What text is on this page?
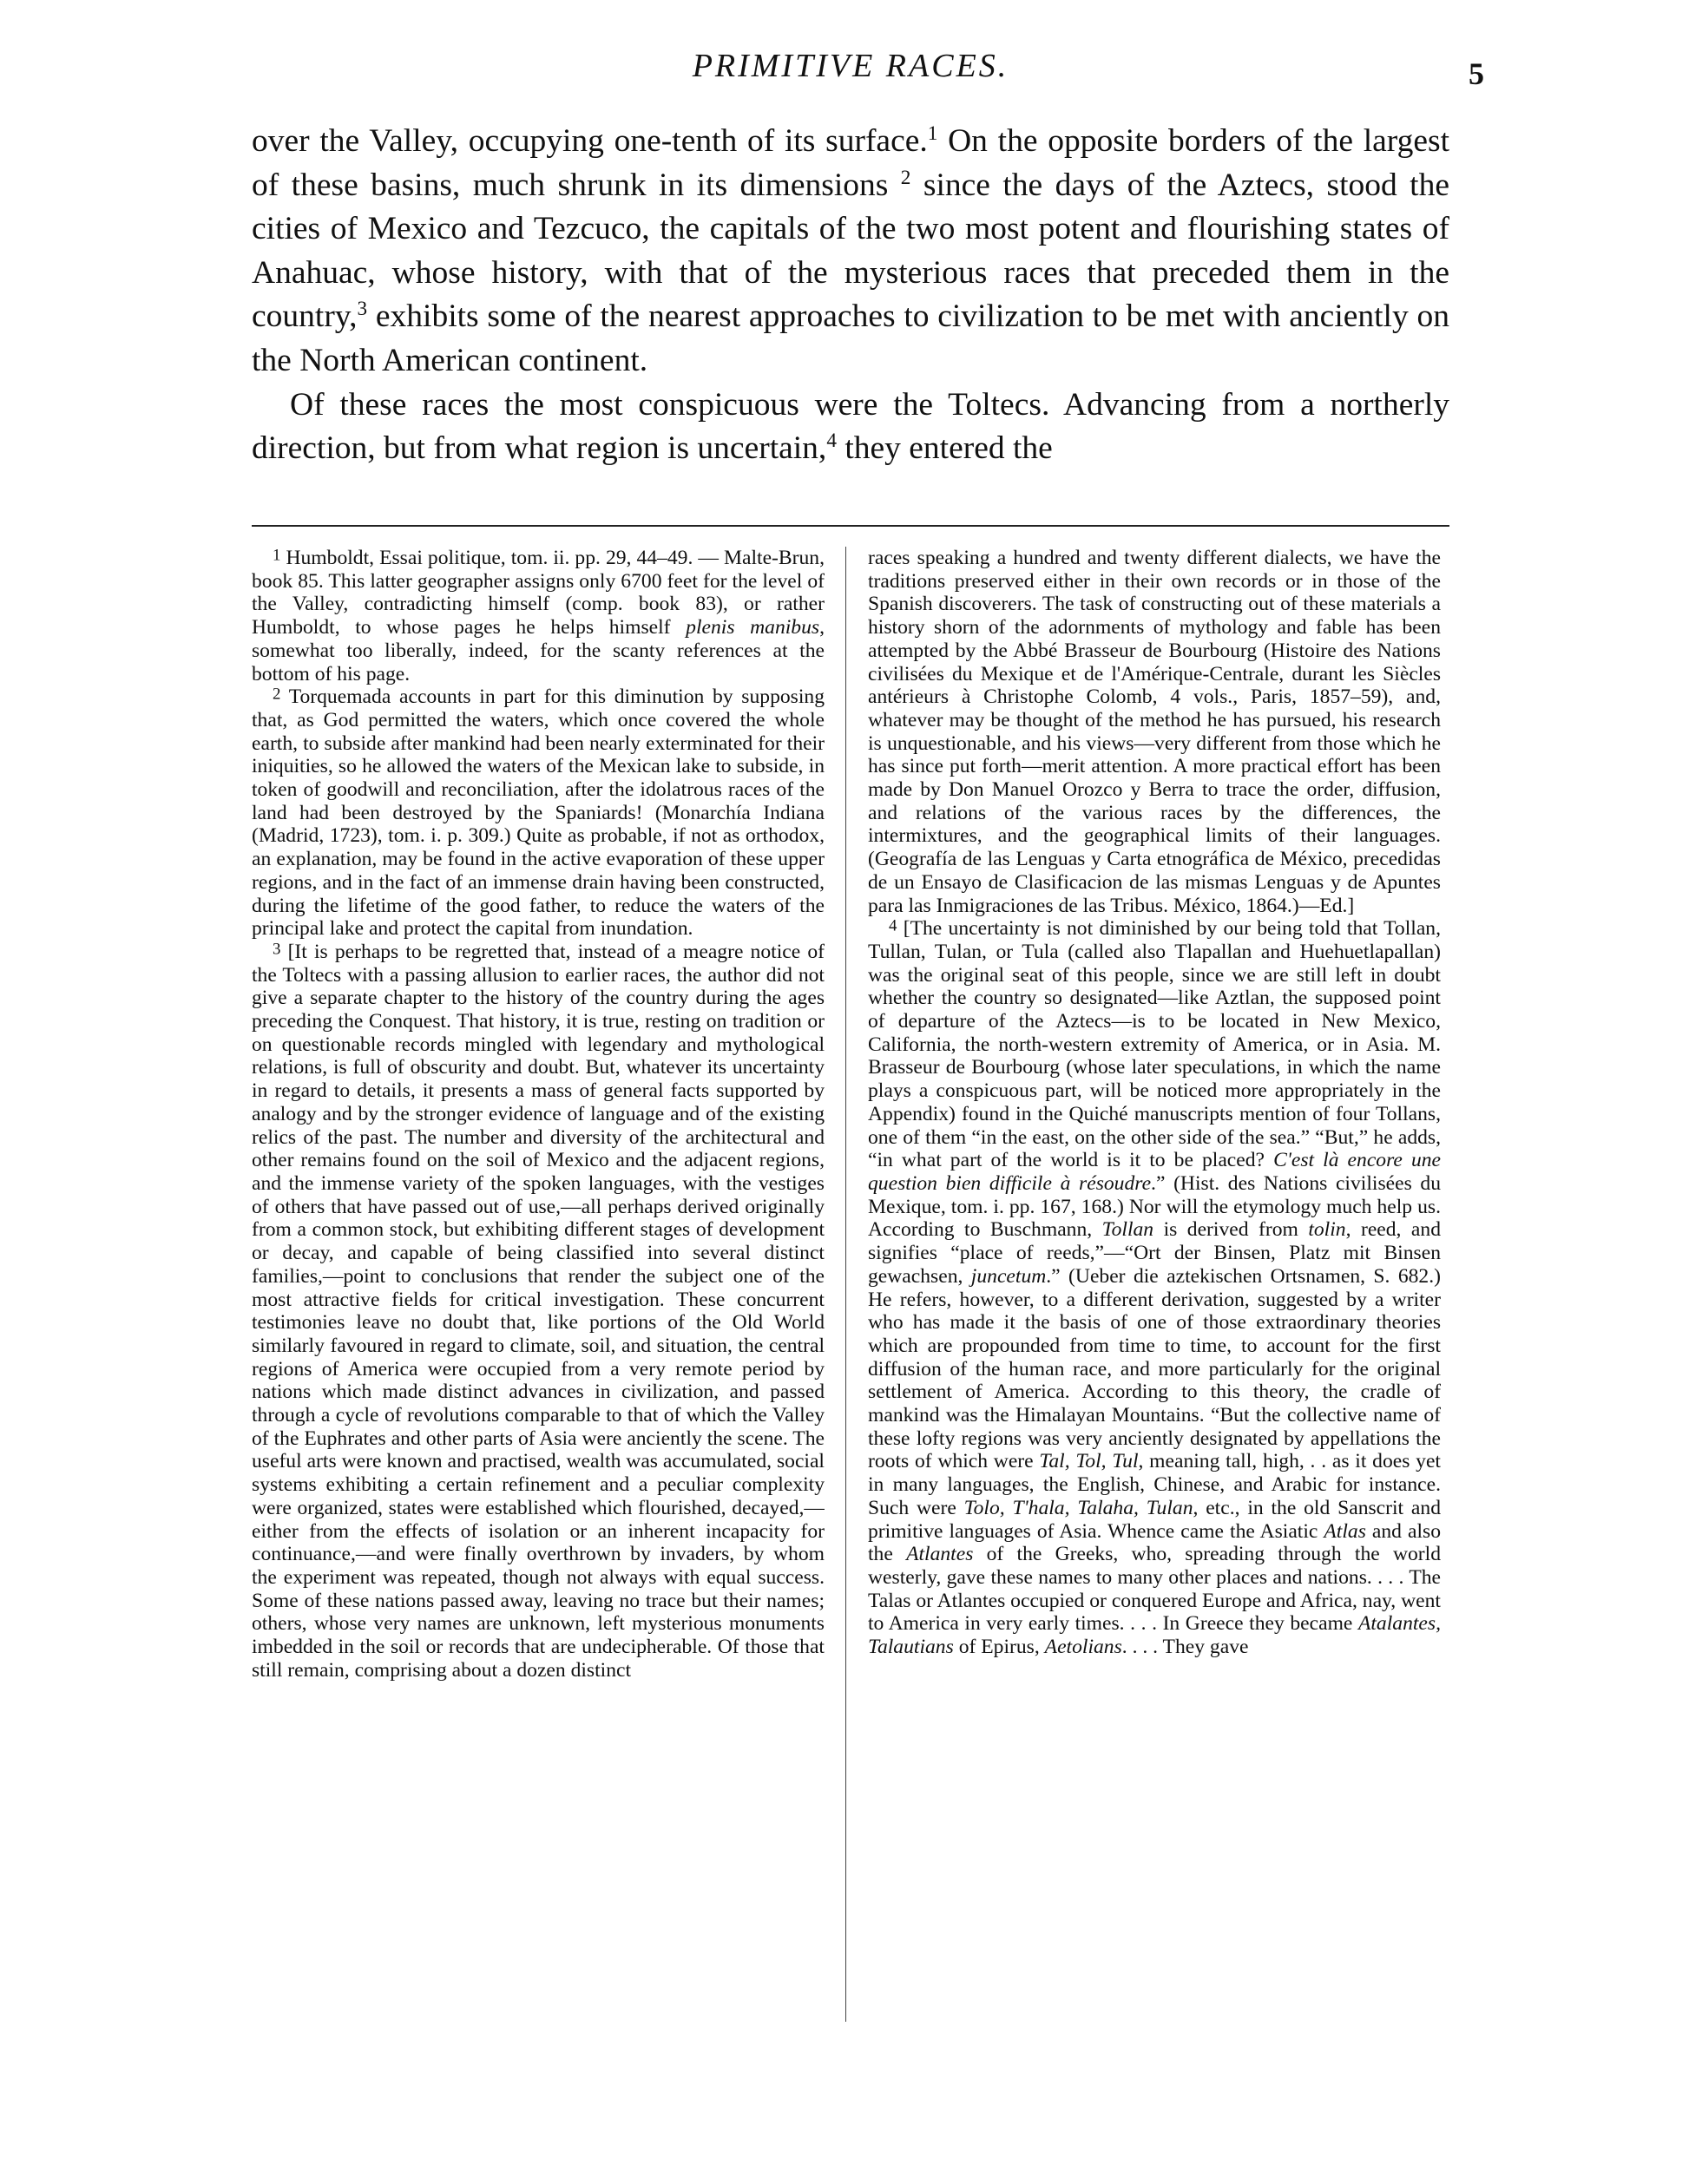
PRIMITIVE RACES.	5

over the Valley, occupying one-tenth of its surface.$^1$ On the opposite borders of the largest of these basins, much shrunk in its dimensions $^2$ since the days of the Aztecs, stood the cities of Mexico and Tezcuco, the capitals of the two most potent and flourishing states of Anahuac, whose history, with that of the mysterious races that preceded them in the country,$^3$ exhibits some of the nearest approaches to civilization to be met with anciently on the North American continent.

Of these races the most conspicuous were the Toltecs. Advancing from a northerly direction, but from what region is uncertain,$^4$ they entered the

1 Humboldt, Essai politique, tom. ii. pp. 29, 44–49. — Malte-Brun, book 85. This latter geographer assigns only 6700 feet for the level of the Valley, contradicting himself (comp. book 83), or rather Humboldt, to whose pages he helps himself plenis manibus, somewhat too liberally, indeed, for the scanty references at the bottom of his page.

2 Torquemada accounts in part for this diminution by supposing that, as God permitted the waters, which once covered the whole earth, to subside after mankind had been nearly exterminated for their iniquities, so he allowed the waters of the Mexican lake to subside, in token of goodwill and reconciliation, after the idolatrous races of the land had been destroyed by the Spaniards! (Monarchía Indiana (Madrid, 1723), tom. i. p. 309.) Quite as probable, if not as orthodox, an explanation, may be found in the active evaporation of these upper regions, and in the fact of an immense drain having been constructed, during the lifetime of the good father, to reduce the waters of the principal lake and protect the capital from inundation.

3 [It is perhaps to be regretted that, instead of a meagre notice of the Toltecs with a passing allusion to earlier races, the author did not give a separate chapter to the history of the country during the ages preceding the Conquest. That history, it is true, resting on tradition or on questionable records mingled with legendary and mythological relations, is full of obscurity and doubt. But, whatever its uncertainty in regard to details, it presents a mass of general facts supported by analogy and by the stronger evidence of language and of the existing relics of the past. The number and diversity of the architectural and other remains found on the soil of Mexico and the adjacent regions, and the immense variety of the spoken languages, with the vestiges of others that have passed out of use,—all perhaps derived originally from a common stock, but exhibiting different stages of development or decay, and capable of being classified into several distinct families,—point to conclusions that render the subject one of the most attractive fields for critical investigation. These concurrent testimonies leave no doubt that, like portions of the Old World similarly favoured in regard to climate, soil, and situation, the central regions of America were occupied from a very remote period by nations which made distinct advances in civilization, and passed through a cycle of revolutions comparable to that of which the Valley of the Euphrates and other parts of Asia were anciently the scene. The useful arts were known and practised, wealth was accumulated, social systems exhibiting a certain refinement and a peculiar complexity were organized, states were established which flourished, decayed,—either from the effects of isolation or an inherent incapacity for continuance,—and were finally overthrown by invaders, by whom the experiment was repeated, though not always with equal success. Some of these nations passed away, leaving no trace but their names; others, whose very names are unknown, left mysterious monuments imbedded in the soil or records that are undecipherable. Of those that still remain, comprising about a dozen distinct

races speaking a hundred and twenty different dialects, we have the traditions preserved either in their own records or in those of the Spanish discoverers. The task of constructing out of these materials a history shorn of the adornments of mythology and fable has been attempted by the Abbé Brasseur de Bourbourg (Histoire des Nations civilisées du Mexique et de l'Amérique-Centrale, durant les Siècles antérieurs à Christophe Colomb, 4 vols., Paris, 1857–59), and, whatever may be thought of the method he has pursued, his research is unquestionable, and his views—very different from those which he has since put forth—merit attention. A more practical effort has been made by Don Manuel Orozco y Berra to trace the order, diffusion, and relations of the various races by the differences, the intermixtures, and the geographical limits of their languages. (Geografía de las Lenguas y Carta etnográfica de México, precedidas de un Ensayo de Clasificacion de las mismas Lenguas y de Apuntes para las Inmigraciones de las Tribus. México, 1864.)—Ed.]

4 [The uncertainty is not diminished by our being told that Tollan, Tullan, Tulan, or Tula (called also Tlapallan and Huehuetlapallan) was the original seat of this people, since we are still left in doubt whether the country so designated—like Aztlan, the supposed point of departure of the Aztecs—is to be located in New Mexico, California, the north-western extremity of America, or in Asia. M. Brasseur de Bourbourg (whose later speculations, in which the name plays a conspicuous part, will be noticed more appropriately in the Appendix) found in the Quiché manuscripts mention of four Tollans, one of them “in the east, on the other side of the sea.” “But,” he adds, “in what part of the world is it to be placed? C'est là encore une question bien difficile à résoudre.” (Hist. des Nations civilisées du Mexique, tom. i. pp. 167, 168.) Nor will the etymology much help us. According to Buschmann, Tollan is derived from tolin, reed, and signifies “place of reeds,”—“Ort der Binsen, Platz mit Binsen gewachsen, juncetum.” (Ueber die aztekischen Ortsnamen, S. 682.) He refers, however, to a different derivation, suggested by a writer who has made it the basis of one of those extraordinary theories which are propounded from time to time, to account for the first diffusion of the human race, and more particularly for the original settlement of America. According to this theory, the cradle of mankind was the Himalayan Mountains. “But the collective name of these lofty regions was very anciently designated by appellations the roots of which were Tal, Tol, Tul, meaning tall, high, . . as it does yet in many languages, the English, Chinese, and Arabic for instance. Such were Tolo, T'hala, Talaha, Tulan, etc., in the old Sanscrit and primitive languages of Asia. Whence came the Asiatic Atlas and also the Atlantes of the Greeks, who, spreading through the world westerly, gave these names to many other places and nations. . . . The Talas or Atlantes occupied or conquered Europe and Africa, nay, went to America in very early times. . . . In Greece they became Atalantes, Talautians of Epirus, Aetolians. . . . They gave
